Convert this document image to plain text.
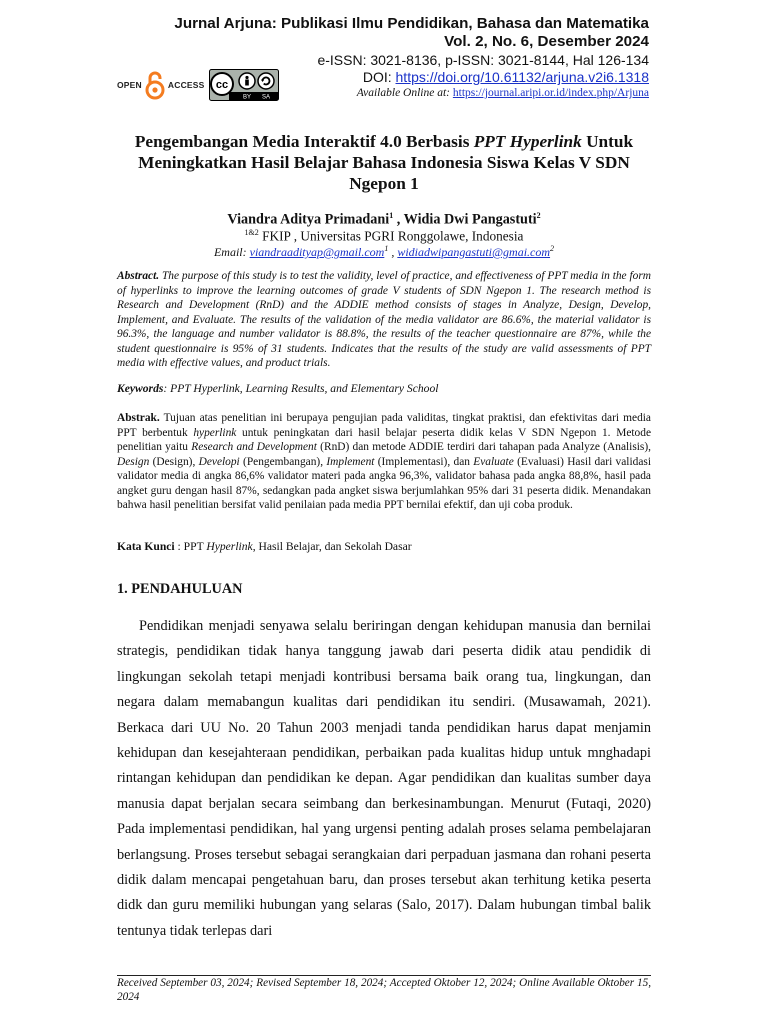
Jurnal Arjuna: Publikasi Ilmu Pendidikan, Bahasa dan Matematika
Vol. 2, No. 6, Desember 2024
e-ISSN: 3021-8136, p-ISSN: 3021-8144, Hal 126-134
DOI: https://doi.org/10.61132/arjuna.v2i6.1318
Available Online at: https://journal.aripi.or.id/index.php/Arjuna
OPEN	ACCESS cc
BY SA
Pengembangan Media Interaktif 4.0 Berbasis PPT Hyperlink Untuk Meningkatkan Hasil Belajar Bahasa Indonesia Siswa Kelas V SDN Ngepon 1
Viandra Aditya Primadani$^1$ , Widia Dwi Pangastuti$^2$
$^{1\&2}$ FKIP , Universitas PGRI Ronggolawe, Indonesia
Email: viandraadityap@gmail.com$^1$ , widiadwipangastuti@gmai.com$^2$
Abstract. The purpose of this study is to test the validity, level of practice, and effectiveness of PPT media in the form of hyperlinks to improve the learning outcomes of grade V students of SDN Ngepon 1. The research method is Research and Development (RnD) and the ADDIE method consists of stages in Analyze, Design, Develop, Implement, and Evaluate. The results of the validation of the media validator are 86.6%, the material validator is 96.3%, the language and number validator is 88.8%, the results of the teacher questionnaire are 87%, while the student questionnaire is 95% of 31 students. Indicates that the results of the study are valid assessments of PPT media with effective values, and product trials.
Keywords: PPT Hyperlink, Learning Results, and Elementary School
Abstrak. Tujuan atas penelitian ini berupaya pengujian pada validitas, tingkat praktisi, dan efektivitas dari media PPT berbentuk hyperlink untuk peningkatan dari hasil belajar peserta didik kelas V SDN Ngepon 1. Metode penelitian yaitu Research and Development (RnD) dan metode ADDIE terdiri dari tahapan pada Analyze (Analisis), Design (Design), Developi (Pengembangan), Implement (Implementasi), dan Evaluate (Evaluasi) Hasil dari validasi validator media di angka 86,6% validator materi pada angka 96,3%, validator bahasa pada angka 88,8%, hasil pada angket guru dengan hasil 87%, sedangkan pada angket siswa berjumlahkan 95% dari 31 peserta didik. Menandakan bahwa hasil penelitian bersifat valid penilaian pada media PPT bernilai efektif, dan uji coba produk.
Kata Kunci : PPT Hyperlink, Hasil Belajar, dan Sekolah Dasar
1. PENDAHULUAN
Pendidikan menjadi senyawa selalu beriringan dengan kehidupan manusia dan bernilai strategis, pendidikan tidak hanya tanggung jawab dari peserta didik atau pendidik di lingkungan sekolah tetapi menjadi kontribusi bersama baik orang tua, lingkungan, dan negara dalam memabangun kualitas dari pendidikan itu sendiri. (Musawamah, 2021). Berkaca dari UU No. 20 Tahun 2003 menjadi tanda pendidikan harus dapat menjamin kehidupan dan kesejahteraan pendidikan, perbaikan pada kualitas hidup untuk mnghadapi rintangan kehidupan dan pendidikan ke depan. Agar pendidikan dan kualitas sumber daya manusia dapat berjalan secara seimbang dan berkesinambungan. Menurut (Futaqi, 2020) Pada implementasi pendidikan, hal yang urgensi penting adalah proses selama pembelajaran berlangsung. Proses tersebut sebagai serangkaian dari perpaduan jasmana dan rohani peserta didik dalam mencapai pengetahuan baru, dan proses tersebut akan terhitung ketika peserta didk dan guru memiliki hubungan yang selaras (Salo, 2017). Dalam hubungan timbal balik tentunya tidak terlepas dari
Received September 03, 2024; Revised September 18, 2024; Accepted Oktober 12, 2024; Online Available Oktober 15, 2024
